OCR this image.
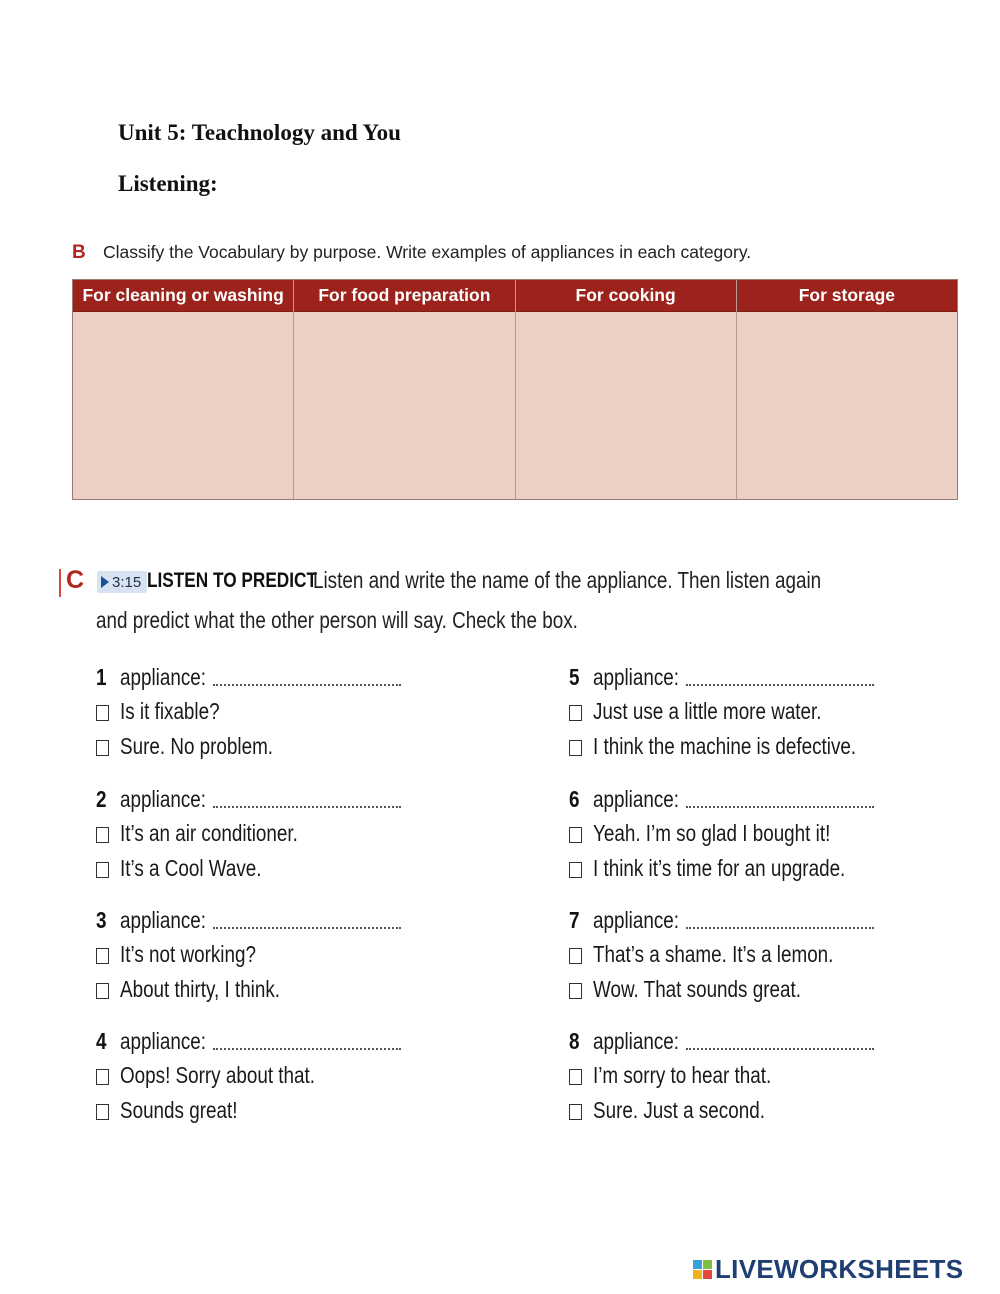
Unit 5: Teachnology and You
Listening:
B Classify the Vocabulary by purpose. Write examples of appliances in each category.
For cleaning or washing	For food preparation	For cooking	For storage
C 3:15 LISTEN TO PREDICT
Listen and write the name of the appliance. Then listen again
and predict what the other person will say. Check the box.
1 appliance:
Is it fixable?
Sure. No problem.
2 appliance:
It’s an air conditioner.
It’s a Cool Wave.
3 appliance:
It’s not working?
About thirty, I think.
4 appliance:
Oops! Sorry about that.
Sounds great!
5 appliance:
Just use a little more water.
I think the machine is defective.
6 appliance:
Yeah. I’m so glad I bought it!
I think it’s time for an upgrade.
7 appliance:
That’s a shame. It’s a lemon.
Wow. That sounds great.
8 appliance:
I’m sorry to hear that.
Sure. Just a second.
LIVEWORKSHEETS
